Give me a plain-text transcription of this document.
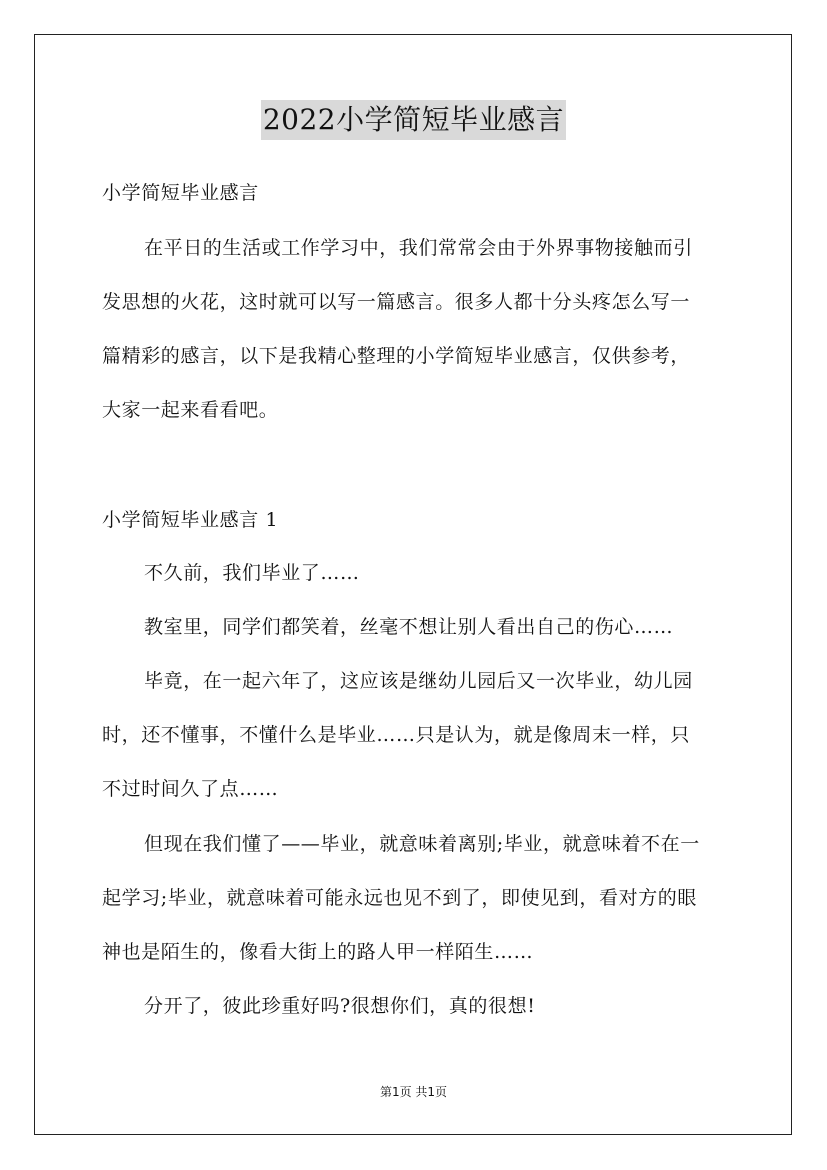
2022小学简短毕业感言
小学简短毕业感言
在平日的生活或工作学习中，我们常常会由于外界事物接触而引
发思想的火花，这时就可以写一篇感言。很多人都十分头疼怎么写一
篇精彩的感言，以下是我精心整理的小学简短毕业感言，仅供参考，
大家一起来看看吧。
小学简短毕业感言 1
不久前，我们毕业了……
教室里，同学们都笑着，丝毫不想让别人看出自己的伤心……
毕竟，在一起六年了，这应该是继幼儿园后又一次毕业，幼儿园
时，还不懂事，不懂什么是毕业……只是认为，就是像周末一样，只
不过时间久了点……
但现在我们懂了——毕业，就意味着离别;毕业，就意味着不在一
起学习;毕业，就意味着可能永远也见不到了，即使见到，看对方的眼
神也是陌生的，像看大街上的路人甲一样陌生……
分开了，彼此珍重好吗?很想你们，真的很想!
第1页 共1页
